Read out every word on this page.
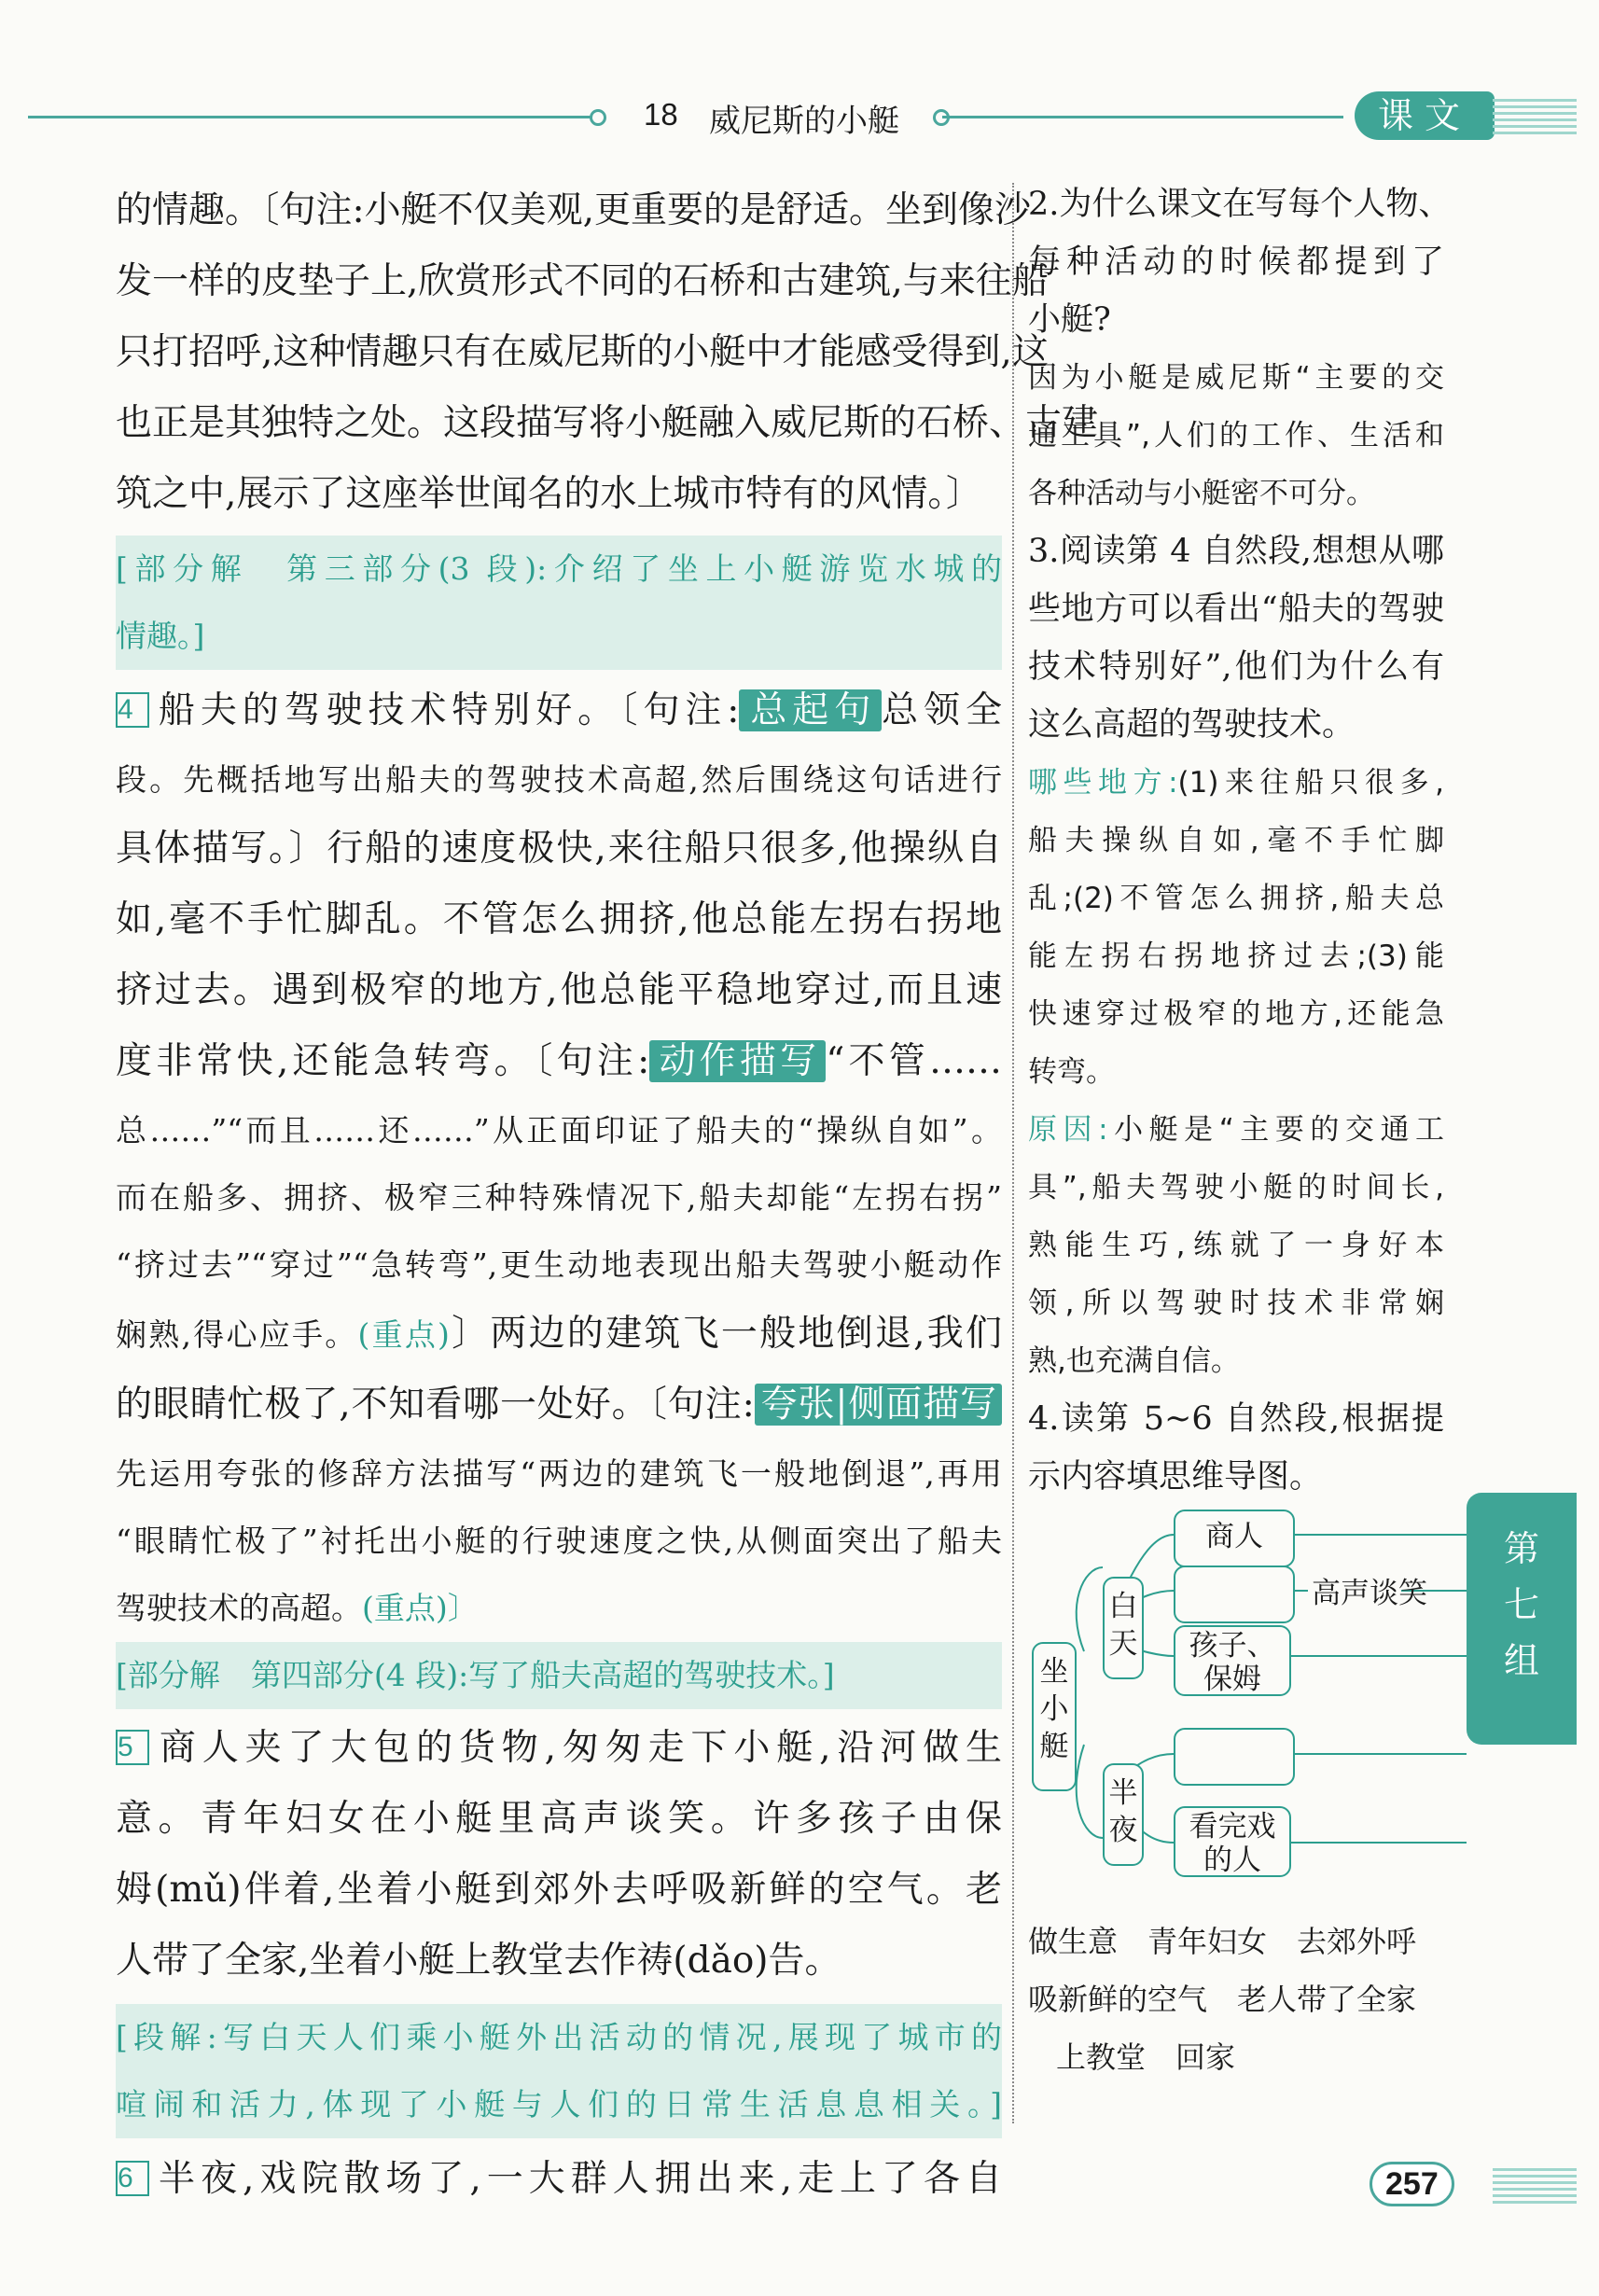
18 威尼斯的小艇	课文
的情趣。〔句注:小艇不仅美观,更重要的是舒适。坐到像沙
发一样的皮垫子上,欣赏形式不同的石桥和古建筑,与来往船
只打招呼,这种情趣只有在威尼斯的小艇中才能感受得到,这
也正是其独特之处。这段描写将小艇融入威尼斯的石桥、古建
筑之中,展示了这座举世闻名的水上城市特有的风情。〕
[部分解　第三部分(3 段):介绍了坐上小艇游览水城的
情趣。]
4 船夫的驾驶技术特别好。〔句注: 总起句 总领全
段。先概括地写出船夫的驾驶技术高超,然后围绕这句话进行
具体描写。〕行船的速度极快,来往船只很多,他操纵自
如,毫不手忙脚乱。不管怎么拥挤,他总能左拐右拐地
挤过去。遇到极窄的地方,他总能平稳地穿过,而且速
度非常快,还能急转弯。〔句注: 动作描写 “不管……
总……”“而且……还……”从正面印证了船夫的“操纵自如”。
而在船多、拥挤、极窄三种特殊情况下,船夫却能“左拐右拐”
“挤过去”“穿过”“急转弯”,更生动地表现出船夫驾驶小艇动作
娴熟,得心应手。(重点)〕两边的建筑飞一般地倒退,我们
的眼睛忙极了,不知看哪一处好。〔句注: 夸张|侧面描写
先运用夸张的修辞方法描写“两边的建筑飞一般地倒退”,再用
“眼睛忙极了”衬托出小艇的行驶速度之快,从侧面突出了船夫
驾驶技术的高超。(重点)〕
[部分解　第四部分(4 段):写了船夫高超的驾驶技术。]
5 商人夹了大包的货物,匆匆走下小艇,沿河做生
意。青年妇女在小艇里高声谈笑。许多孩子由保
姆(mǔ)伴着,坐着小艇到郊外去呼吸新鲜的空气。老
人带了全家,坐着小艇上教堂去作祷(dǎo)告。
[段解:写白天人们乘小艇外出活动的情况,展现了城市的
喧闹和活力,体现了小艇与人们的日常生活息息相关。]
6 半夜,戏院散场了,一大群人拥出来,走上了各自
2.为什么课文在写每个人物、
每种活动的时候都提到了
小艇?
因为小艇是威尼斯“主要的交
通工具”,人们的工作、生活和
各种活动与小艇密不可分。
3.阅读第 4 自然段,想想从哪
些地方可以看出“船夫的驾驶
技术特别好”,他们为什么有
这么高超的驾驶技术。
哪些地方:(1)来往船只很多,
船夫操纵自如,毫不手忙脚
乱;(2)不管怎么拥挤,船夫总
能左拐右拐地挤过去;(3)能
快速穿过极窄的地方,还能急
转弯。
原因:小艇是“主要的交通工
具”,船夫驾驶小艇的时间长,
熟能生巧,练就了一身好本
领,所以驾驶时技术非常娴
熟,也充满自信。
4.读第 5~6 自然段,根据提
示内容填思维导图。
坐小艇
白天
半夜
商人
高声谈笑
孩子、保姆
看完戏的人
做生意　青年妇女　去郊外呼
吸新鲜的空气　老人带了全家
上教堂　回家
第
七
组
257
